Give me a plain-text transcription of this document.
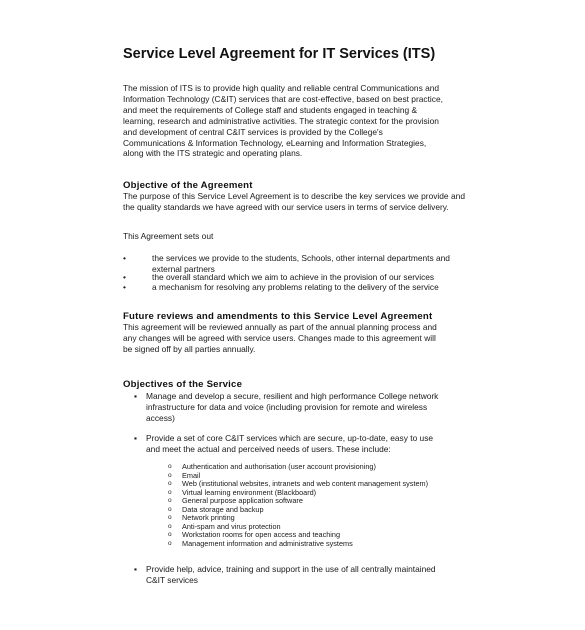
Service Level Agreement for IT Services (ITS)
The mission of ITS is to provide high quality and reliable central Communications and
Information Technology (C&IT) services that are cost-effective, based on best practice,
and meet the requirements of College staff and students engaged in teaching &
learning, research and administrative activities. The strategic context for the provision
and development of central C&IT services is provided by the College's
Communications & Information Technology, eLearning and Information Strategies,
along with the ITS strategic and operating plans.
Objective of the Agreement
The purpose of this Service Level Agreement is to describe the key services we provide and the quality standards we have agreed with our service users in terms of service delivery.
This Agreement sets out
•	the services we provide to the students, Schools, other internal departments and external partners
•	the overall standard which we aim to achieve in the provision of our services
•	a mechanism for resolving any problems relating to the delivery of the service
Future reviews and amendments to this Service Level Agreement
This agreement will be reviewed annually as part of the annual planning process and
any changes will be agreed with service users. Changes made to this agreement will
be signed off by all parties annually.
Objectives of the Service
▪ Manage and develop a secure, resilient and high performance College network infrastructure for data and voice (including provision for remote and wireless access)
▪ Provide a set of core C&IT services which are secure, up-to-date, easy to use and meet the actual and perceived needs of users. These include:
o Authentication and authorisation (user account provisioning)
o Email
o Web (institutional websites, intranets and web content management system)
o Virtual learning environment (Blackboard)
o General purpose application software
o Data storage and backup
o Network printing
o Anti-spam and virus protection
o Workstation rooms for open access and teaching
o Management information and administrative systems
▪ Provide help, advice, training and support in the use of all centrally maintained C&IT services
